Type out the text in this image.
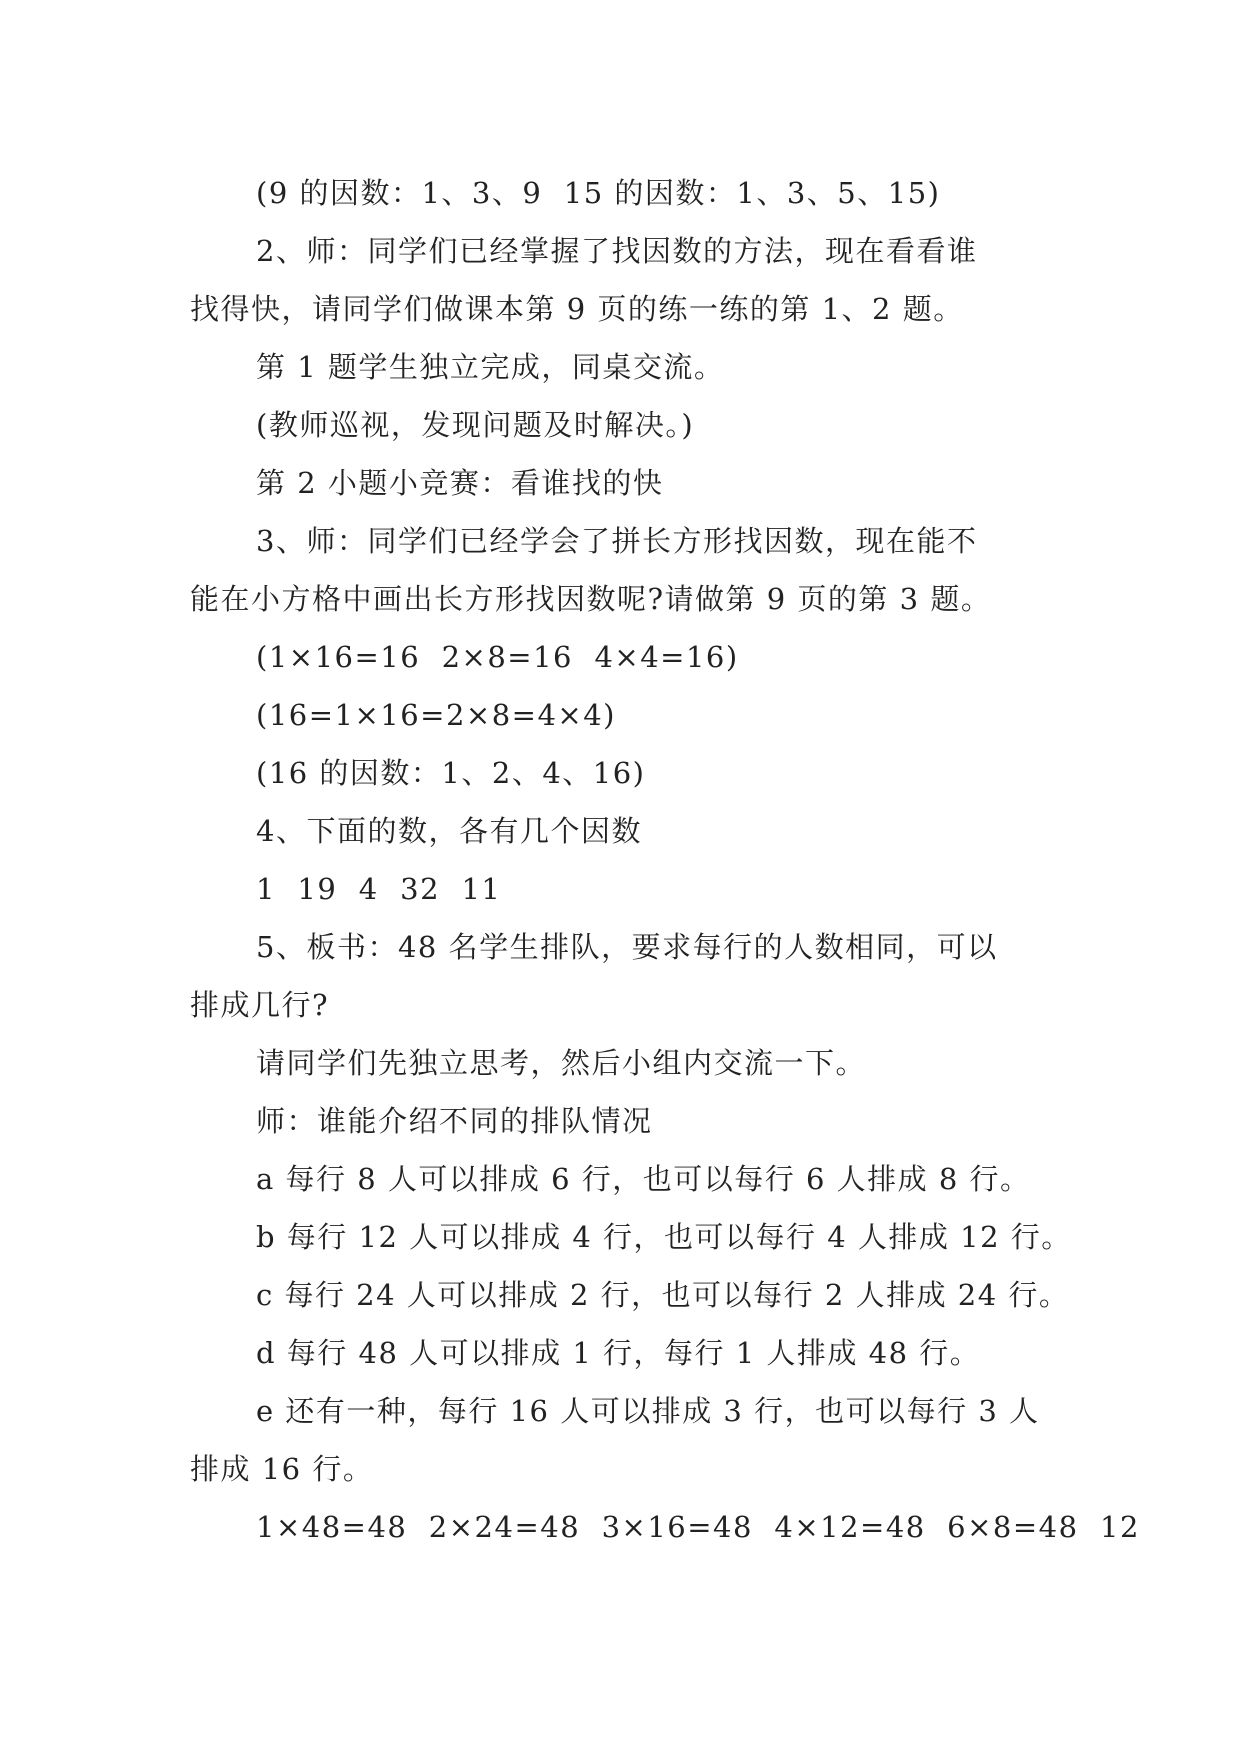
(9 的因数：1、3、9  15 的因数：1、3、5、15)
2、师：同学们已经掌握了找因数的方法，现在看看谁
找得快，请同学们做课本第 9 页的练一练的第 1、2 题。
第 1 题学生独立完成，同桌交流。
(教师巡视，发现问题及时解决。)
第 2 小题小竞赛：看谁找的快
3、师：同学们已经学会了拼长方形找因数，现在能不
能在小方格中画出长方形找因数呢?请做第 9 页的第 3 题。
(1×16=16  2×8=16  4×4=16)
(16=1×16=2×8=4×4)
(16 的因数：1、2、4、16)
4、下面的数，各有几个因数
1  19  4  32  11
5、板书：48 名学生排队，要求每行的人数相同，可以
排成几行?
请同学们先独立思考，然后小组内交流一下。
师：谁能介绍不同的排队情况
a 每行 8 人可以排成 6 行，也可以每行 6 人排成 8 行。
b 每行 12 人可以排成 4 行，也可以每行 4 人排成 12 行。
c 每行 24 人可以排成 2 行，也可以每行 2 人排成 24 行。
d 每行 48 人可以排成 1 行，每行 1 人排成 48 行。
e 还有一种，每行 16 人可以排成 3 行，也可以每行 3 人
排成 16 行。
1×48=48  2×24=48  3×16=48  4×12=48  6×8=48  12
